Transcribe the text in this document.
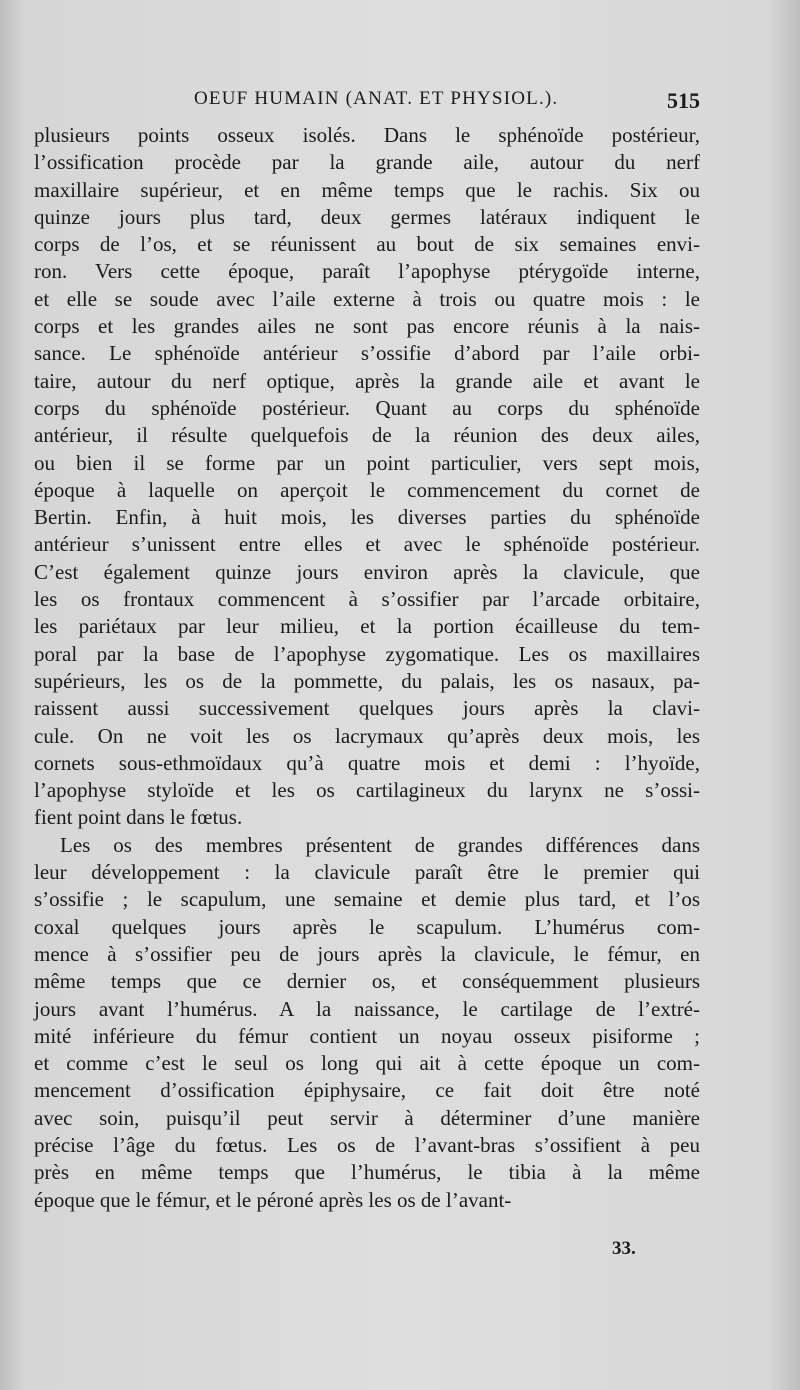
OEUF HUMAIN (ANAT. ET PHYSIOL.).	515
plusieurs points osseux isolés. Dans le sphénoïde postérieur,
l’ossification procède par la grande aile, autour du nerf
maxillaire supérieur, et en même temps que le rachis. Six ou
quinze jours plus tard, deux germes latéraux indiquent le
corps de l’os, et se réunissent au bout de six semaines envi-
ron. Vers cette époque, paraît l’apophyse ptérygoïde interne,
et elle se soude avec l’aile externe à trois ou quatre mois : le
corps et les grandes ailes ne sont pas encore réunis à la nais-
sance. Le sphénoïde antérieur s’ossifie d’abord par l’aile orbi-
taire, autour du nerf optique, après la grande aile et avant le
corps du sphénoïde postérieur. Quant au corps du sphénoïde
antérieur, il résulte quelquefois de la réunion des deux ailes,
ou bien il se forme par un point particulier, vers sept mois,
époque à laquelle on aperçoit le commencement du cornet de
Bertin. Enfin, à huit mois, les diverses parties du sphénoïde
antérieur s’unissent entre elles et avec le sphénoïde postérieur.
C’est également quinze jours environ après la clavicule, que
les os frontaux commencent à s’ossifier par l’arcade orbitaire,
les pariétaux par leur milieu, et la portion écailleuse du tem-
poral par la base de l’apophyse zygomatique. Les os maxillaires
supérieurs, les os de la pommette, du palais, les os nasaux, pa-
raissent aussi successivement quelques jours après la clavi-
cule. On ne voit les os lacrymaux qu’après deux mois, les
cornets sous-ethmoïdaux qu’à quatre mois et demi : l’hyoïde,
l’apophyse styloïde et les os cartilagineux du larynx ne s’ossi-
fient point dans le fœtus.
Les os des membres présentent de grandes différences dans
leur développement : la clavicule paraît être le premier qui
s’ossifie ; le scapulum, une semaine et demie plus tard, et l’os
coxal quelques jours après le scapulum. L’humérus com-
mence à s’ossifier peu de jours après la clavicule, le fémur, en
même temps que ce dernier os, et conséquemment plusieurs
jours avant l’humérus. A la naissance, le cartilage de l’extré-
mité inférieure du fémur contient un noyau osseux pisiforme ;
et comme c’est le seul os long qui ait à cette époque un com-
mencement d’ossification épiphysaire, ce fait doit être noté
avec soin, puisqu’il peut servir à déterminer d’une manière
précise l’âge du fœtus. Les os de l’avant-bras s’ossifient à peu
près en même temps que l’humérus, le tibia à la même
époque que le fémur, et le péroné après les os de l’avant-
33.
